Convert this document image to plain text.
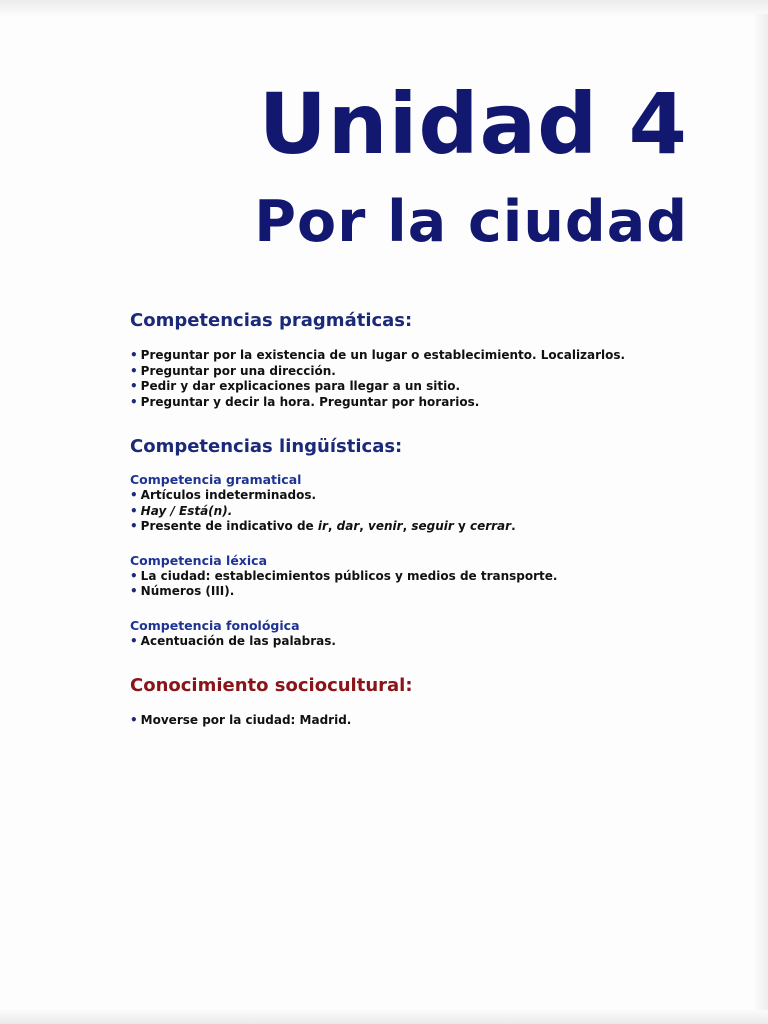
Unidad 4
Por la ciudad
Competencias pragmáticas:
• Preguntar por la existencia de un lugar o establecimiento. Localizarlos.
• Preguntar por una dirección.
• Pedir y dar explicaciones para llegar a un sitio.
• Preguntar y decir la hora. Preguntar por horarios.
Competencias lingüísticas:
Competencia gramatical
• Artículos indeterminados.
• Hay / Está(n).
• Presente de indicativo de ir, dar, venir, seguir y cerrar.
Competencia léxica
• La ciudad: establecimientos públicos y medios de transporte.
• Números (III).
Competencia fonológica
• Acentuación de las palabras.
Conocimiento sociocultural:
• Moverse por la ciudad: Madrid.
